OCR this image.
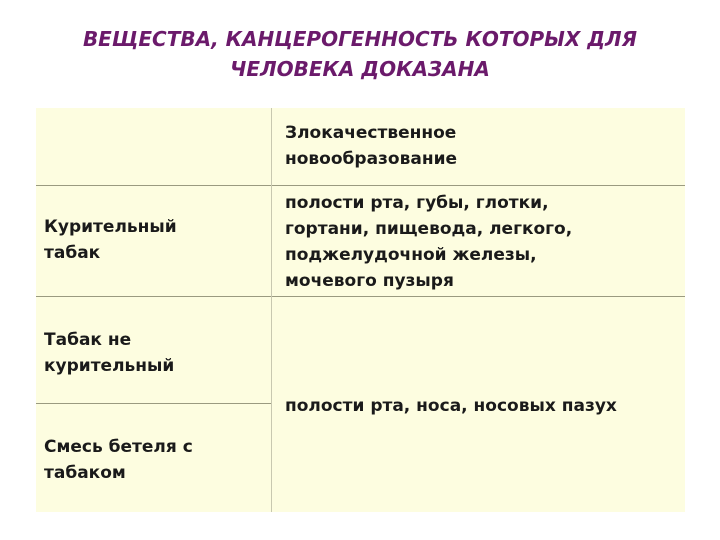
ВЕЩЕСТВА, КАНЦЕРОГЕННОСТЬ КОТОРЫХ ДЛЯ
ЧЕЛОВЕКА ДОКАЗАНА
Злокачественное
новообразование
Курительный
табак
полости рта, губы, глотки,
гортани, пищевода, легкого,
поджелудочной железы,
мочевого пузыря
Табак не
курительный
Смесь бетеля с
табаком
полости рта, носа, носовых пазух
